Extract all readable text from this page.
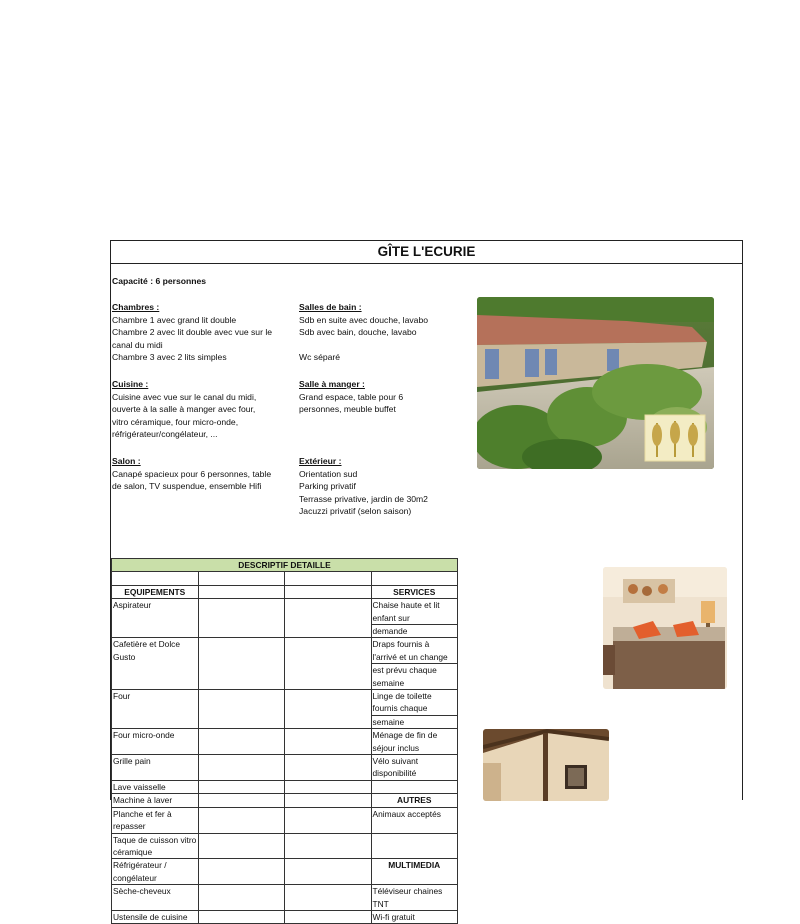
GÎTE L'ECURIE
Capacité : 6 personnes
Chambres :
Chambre 1 avec grand lit double
Chambre 2 avec lit double avec vue sur le
canal du midi
Chambre 3 avec 2 lits simples
Cuisine :
Cuisine avec vue sur le canal du midi,
ouverte à la salle à manger avec four,
vitro céramique, four micro-onde,
réfrigérateur/congélateur, ...
Salon :
Canapé spacieux pour 6 personnes, table
de salon, TV suspendue, ensemble Hifi
Salles de bain :
Sdb en suite avec douche, lavabo
Sdb avec bain, douche, lavabo
Wc séparé
Salle à manger :
Grand espace, table pour 6
personnes, meuble buffet
Extérieur :
Orientation sud
Parking privatif
Terrasse privative, jardin de 30m2
Jacuzzi privatif (selon saison)
DESCRIPTIF DETAILLE			

EQUIPEMENTS			SERVICES
Aspirateur			Chaise haute et lit enfant sur
			demande
Cafetière et Dolce Gusto			Draps fournis à l'arrivé et un change
			est prévu chaque semaine
Four			Linge de toilette fournis chaque
			semaine
Four micro-onde			Ménage de fin de séjour inclus
Grille pain			Vélo suivant disponibilité
Lave vaisselle			
Machine à laver			AUTRES
Planche et fer à repasser			Animaux acceptés
Taque de cuisson vitro céramique			
Réfrigérateur / congélateur			MULTIMEDIA
Sèche-cheveux			Téléviseur chaines TNT
Ustensile de cuisine			Wi-fi gratuit
